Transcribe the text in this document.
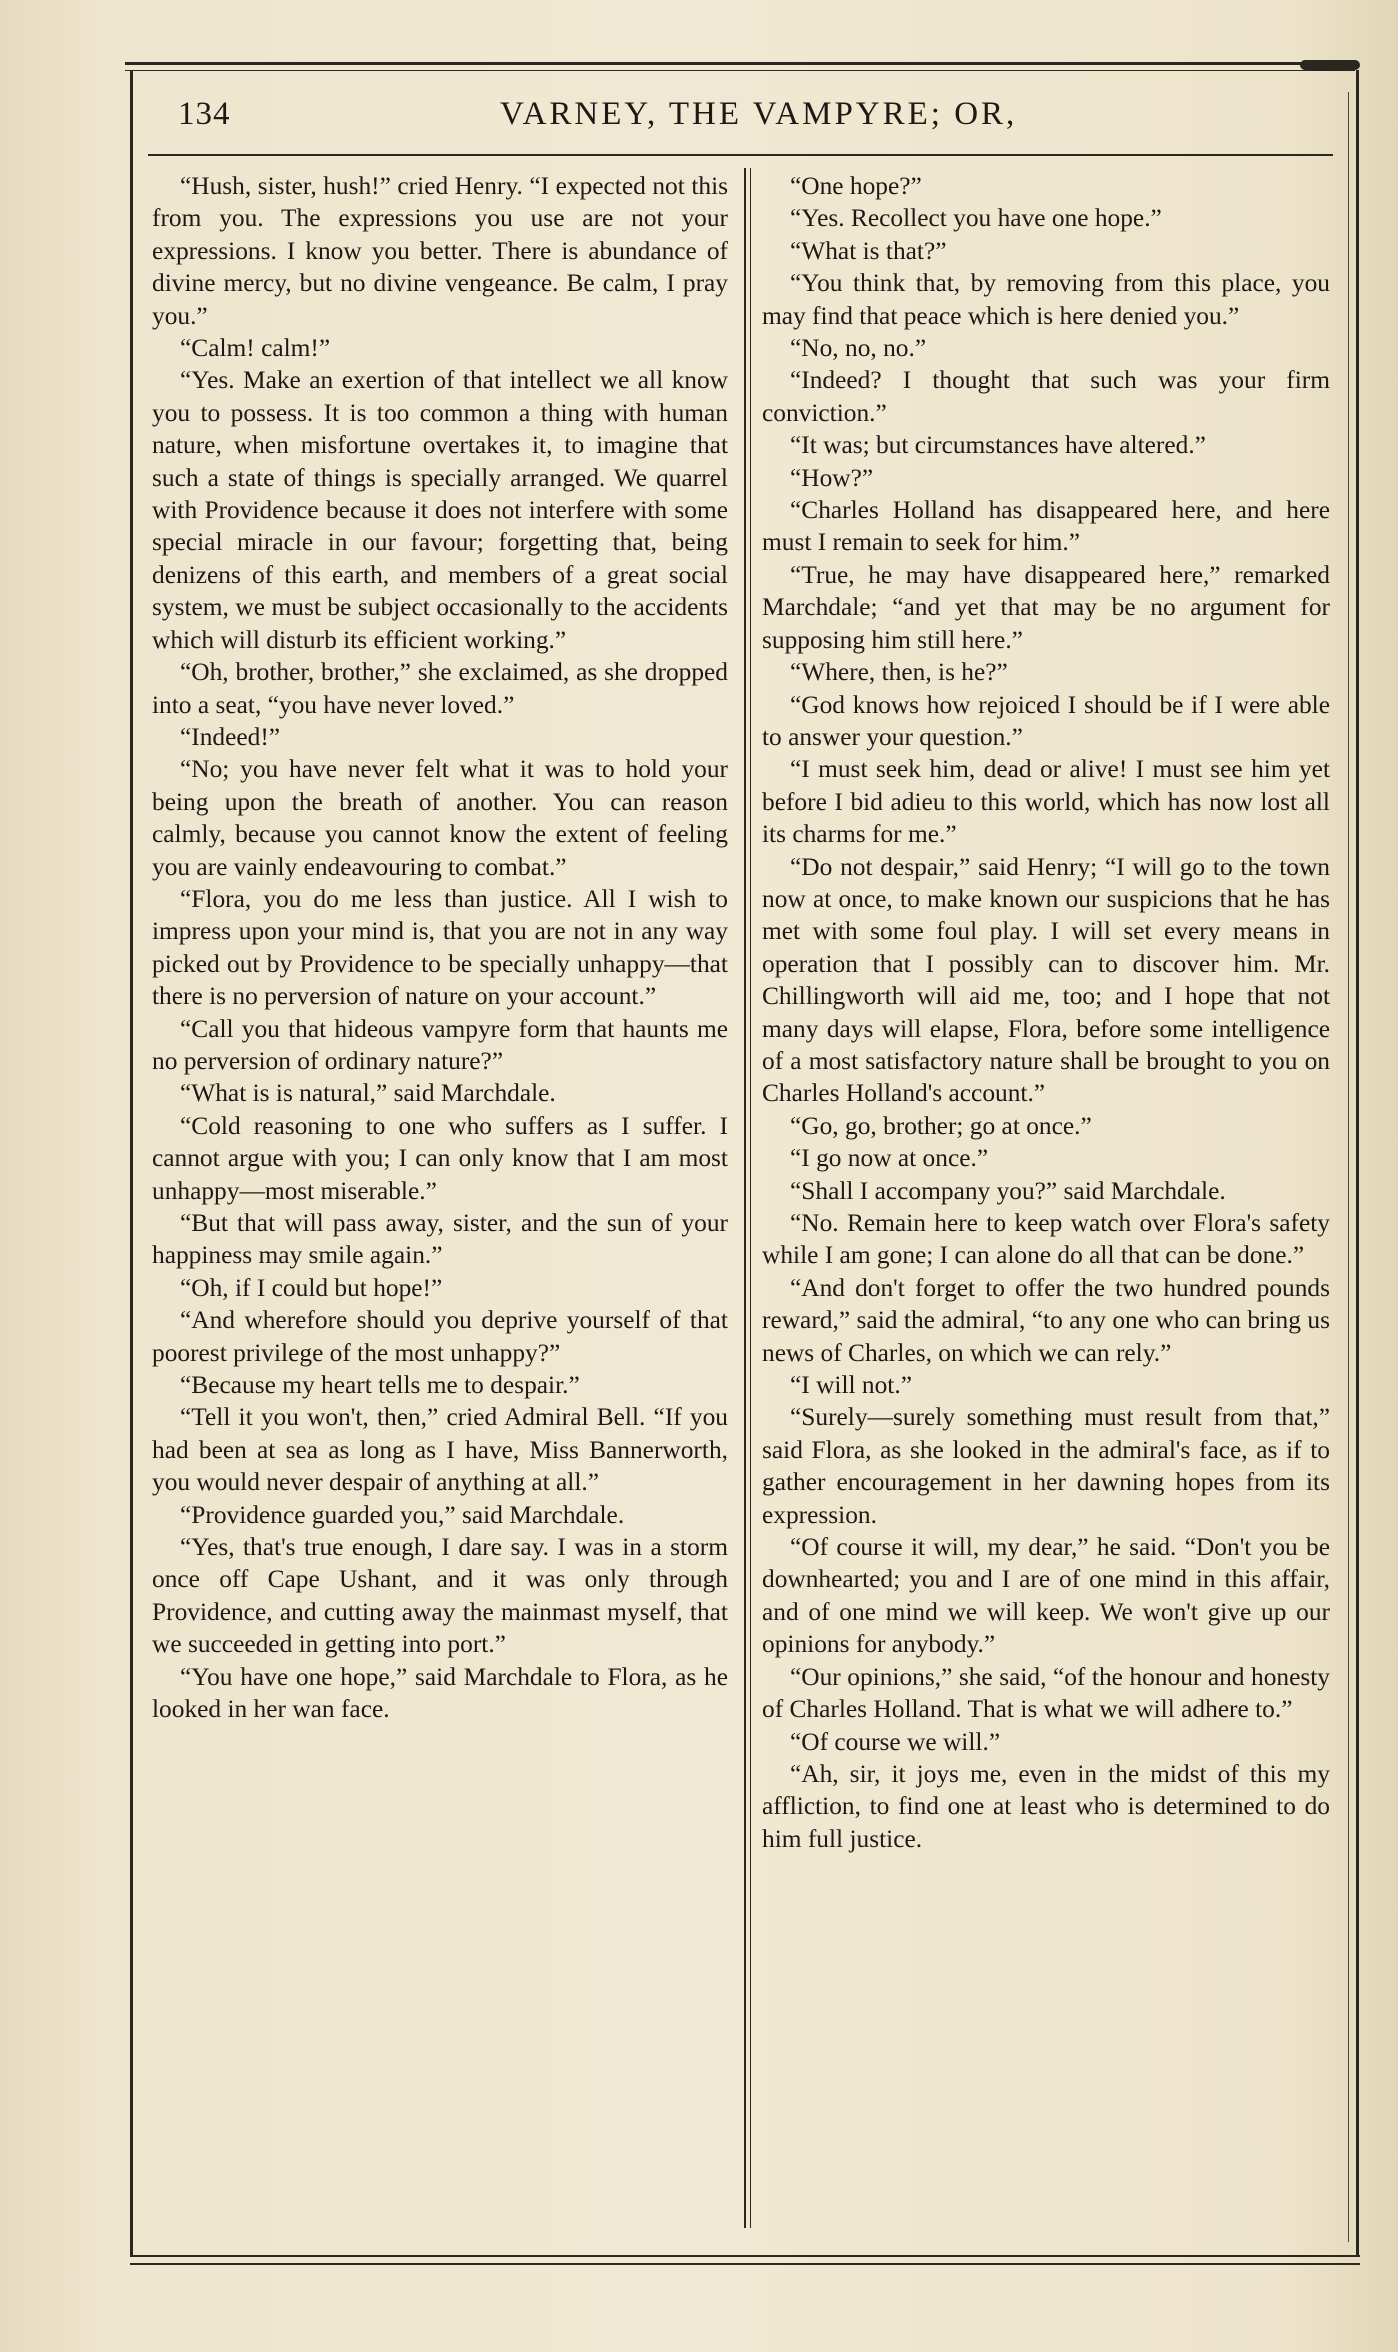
134	VARNEY, THE VAMPYRE; OR,

“Hush, sister, hush!” cried Henry. “I expected not this from you. The expressions you use are not your expressions. I know you better. There is abundance of divine mercy, but no divine vengeance. Be calm, I pray you.”

“Calm! calm!”

“Yes. Make an exertion of that intellect we all know you to possess. It is too common a thing with human nature, when misfortune overtakes it, to imagine that such a state of things is specially arranged. We quarrel with Providence because it does not interfere with some special miracle in our favour; forgetting that, being denizens of this earth, and members of a great social system, we must be subject occasionally to the accidents which will disturb its efficient working.”

“Oh, brother, brother,” she exclaimed, as she dropped into a seat, “you have never loved.”

“Indeed!”

“No; you have never felt what it was to hold your being upon the breath of another. You can reason calmly, because you cannot know the extent of feeling you are vainly endeavouring to combat.”

“Flora, you do me less than justice. All I wish to impress upon your mind is, that you are not in any way picked out by Providence to be specially unhappy—that there is no perversion of nature on your account.”

“Call you that hideous vampyre form that haunts me no perversion of ordinary nature?”

“What is is natural,” said Marchdale.

“Cold reasoning to one who suffers as I suffer. I cannot argue with you; I can only know that I am most unhappy—most miserable.”

“But that will pass away, sister, and the sun of your happiness may smile again.”

“Oh, if I could but hope!”

“And wherefore should you deprive yourself of that poorest privilege of the most unhappy?”

“Because my heart tells me to despair.”

“Tell it you won't, then,” cried Admiral Bell. “If you had been at sea as long as I have, Miss Bannerworth, you would never despair of anything at all.”

“Providence guarded you,” said Marchdale.

“Yes, that's true enough, I dare say. I was in a storm once off Cape Ushant, and it was only through Providence, and cutting away the mainmast myself, that we succeeded in getting into port.”

“You have one hope,” said Marchdale to Flora, as he looked in her wan face.

“One hope?”

“Yes. Recollect you have one hope.”

“What is that?”

“You think that, by removing from this place, you may find that peace which is here denied you.”

“No, no, no.”

“Indeed? I thought that such was your firm conviction.”

“It was; but circumstances have altered.”

“How?”

“Charles Holland has disappeared here, and here must I remain to seek for him.”

“True, he may have disappeared here,” remarked Marchdale; “and yet that may be no argument for supposing him still here.”

“Where, then, is he?”

“God knows how rejoiced I should be if I were able to answer your question.”

“I must seek him, dead or alive! I must see him yet before I bid adieu to this world, which has now lost all its charms for me.”

“Do not despair,” said Henry; “I will go to the town now at once, to make known our suspicions that he has met with some foul play. I will set every means in operation that I possibly can to discover him. Mr. Chillingworth will aid me, too; and I hope that not many days will elapse, Flora, before some intelligence of a most satisfactory nature shall be brought to you on Charles Holland's account.”

“Go, go, brother; go at once.”

“I go now at once.”

“Shall I accompany you?” said Marchdale.

“No. Remain here to keep watch over Flora's safety while I am gone; I can alone do all that can be done.”

“And don't forget to offer the two hundred pounds reward,” said the admiral, “to any one who can bring us news of Charles, on which we can rely.”

“I will not.”

“Surely—surely something must result from that,” said Flora, as she looked in the admiral's face, as if to gather encouragement in her dawning hopes from its expression.

“Of course it will, my dear,” he said. “Don't you be downhearted; you and I are of one mind in this affair, and of one mind we will keep. We won't give up our opinions for anybody.”

“Our opinions,” she said, “of the honour and honesty of Charles Holland. That is what we will adhere to.”

“Of course we will.”

“Ah, sir, it joys me, even in the midst of this my affliction, to find one at least who is determined to do him full justice.
